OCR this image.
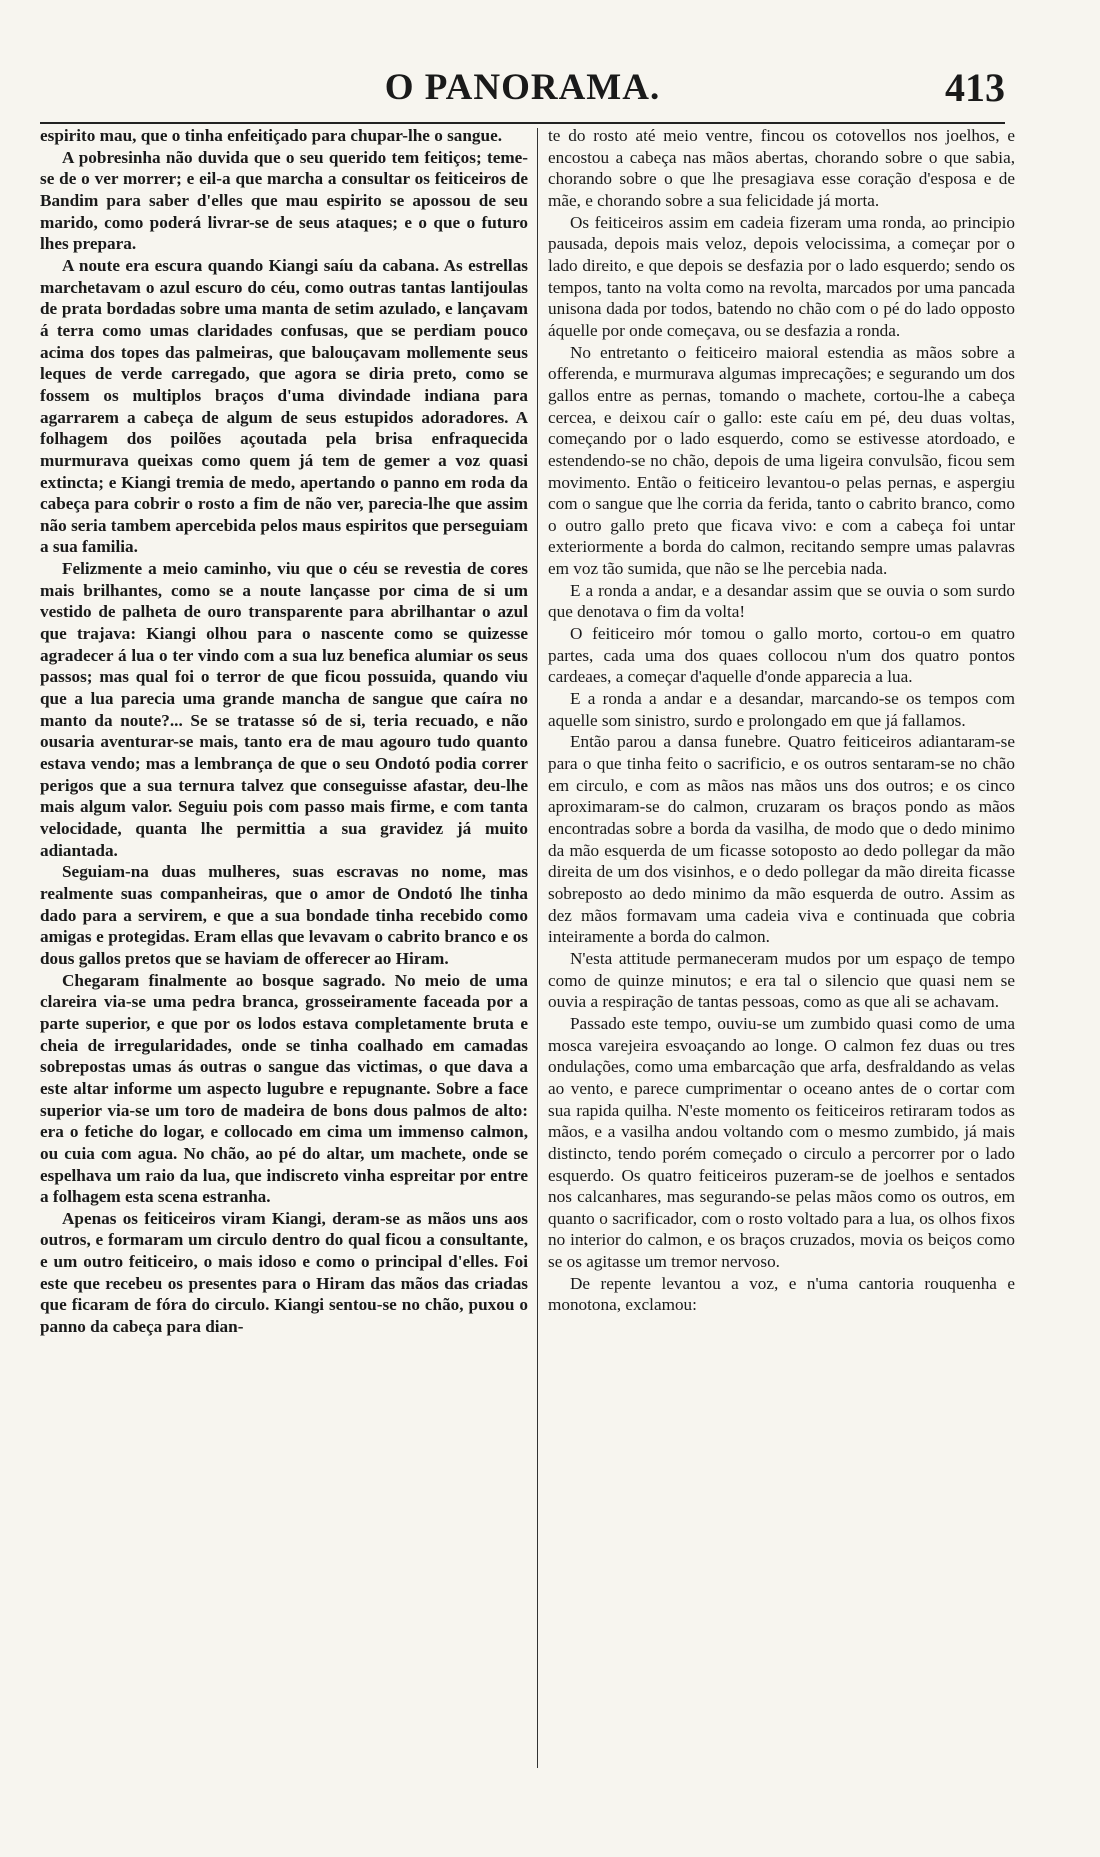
O PANORAMA.	413

espirito mau, que o tinha enfeitiçado para chupar-lhe o sangue.

A pobresinha não duvida que o seu querido tem feitiços; teme-se de o ver morrer; e eil-a que marcha a consultar os feiticeiros de Bandim para saber d'elles que mau espirito se apossou de seu marido, como poderá livrar-se de seus ataques; e o que o futuro lhes prepara.

A noute era escura quando Kiangi saíu da cabana. As estrellas marchetavam o azul escuro do céu, como outras tantas lantijoulas de prata bordadas sobre uma manta de setim azulado, e lançavam á terra como umas claridades confusas, que se perdiam pouco acima dos topes das palmeiras, que balouçavam mollemente seus leques de verde carregado, que agora se diria preto, como se fossem os multiplos braços d'uma divindade indiana para agarrarem a cabeça de algum de seus estupidos adoradores. A folhagem dos poilões açoutada pela brisa enfraquecida murmurava queixas como quem já tem de gemer a voz quasi extincta; e Kiangi tremia de medo, apertando o panno em roda da cabeça para cobrir o rosto a fim de não ver, parecia-lhe que assim não seria tambem apercebida pelos maus espiritos que perseguiam a sua familia.

Felizmente a meio caminho, viu que o céu se revestia de cores mais brilhantes, como se a noute lançasse por cima de si um vestido de palheta de ouro transparente para abrilhantar o azul que trajava: Kiangi olhou para o nascente como se quizesse agradecer á lua o ter vindo com a sua luz benefica alumiar os seus passos; mas qual foi o terror de que ficou possuida, quando viu que a lua parecia uma grande mancha de sangue que caíra no manto da noute?... Se se tratasse só de si, teria recuado, e não ousaria aventurar-se mais, tanto era de mau agouro tudo quanto estava vendo; mas a lembrança de que o seu Ondotó podia correr perigos que a sua ternura talvez que conseguisse afastar, deu-lhe mais algum valor. Seguiu pois com passo mais firme, e com tanta velocidade, quanta lhe permittia a sua gravidez já muito adiantada.

Seguiam-na duas mulheres, suas escravas no nome, mas realmente suas companheiras, que o amor de Ondotó lhe tinha dado para a servirem, e que a sua bondade tinha recebido como amigas e protegidas. Eram ellas que levavam o cabrito branco e os dous gallos pretos que se haviam de offerecer ao Hiram.

Chegaram finalmente ao bosque sagrado. No meio de uma clareira via-se uma pedra branca, grosseiramente faceada por a parte superior, e que por os lodos estava completamente bruta e cheia de irregularidades, onde se tinha coalhado em camadas sobrepostas umas ás outras o sangue das victimas, o que dava a este altar informe um aspecto lugubre e repugnante. Sobre a face superior via-se um toro de madeira de bons dous palmos de alto: era o fetiche do logar, e collocado em cima um immenso calmon, ou cuia com agua. No chão, ao pé do altar, um machete, onde se espelhava um raio da lua, que indiscreto vinha espreitar por entre a folhagem esta scena estranha.

Apenas os feiticeiros viram Kiangi, deram-se as mãos uns aos outros, e formaram um circulo dentro do qual ficou a consultante, e um outro feiticeiro, o mais idoso e como o principal d'elles. Foi este que recebeu os presentes para o Hiram das mãos das criadas que ficaram de fóra do circulo. Kiangi sentou-se no chão, puxou o panno da cabeça para dian-

te do rosto até meio ventre, fincou os cotovellos nos joelhos, e encostou a cabeça nas mãos abertas, chorando sobre o que sabia, chorando sobre o que lhe presagiava esse coração d'esposa e de mãe, e chorando sobre a sua felicidade já morta.

Os feiticeiros assim em cadeia fizeram uma ronda, ao principio pausada, depois mais veloz, depois velocissima, a começar por o lado direito, e que depois se desfazia por o lado esquerdo; sendo os tempos, tanto na volta como na revolta, marcados por uma pancada unisona dada por todos, batendo no chão com o pé do lado opposto áquelle por onde começava, ou se desfazia a ronda.

No entretanto o feiticeiro maioral estendia as mãos sobre a offerenda, e murmurava algumas imprecações; e segurando um dos gallos entre as pernas, tomando o machete, cortou-lhe a cabeça cercea, e deixou caír o gallo: este caíu em pé, deu duas voltas, começando por o lado esquerdo, como se estivesse atordoado, e estendendo-se no chão, depois de uma ligeira convulsão, ficou sem movimento. Então o feiticeiro levantou-o pelas pernas, e aspergiu com o sangue que lhe corria da ferida, tanto o cabrito branco, como o outro gallo preto que ficava vivo: e com a cabeça foi untar exteriormente a borda do calmon, recitando sempre umas palavras em voz tão sumida, que não se lhe percebia nada.

E a ronda a andar, e a desandar assim que se ouvia o som surdo que denotava o fim da volta!

O feiticeiro mór tomou o gallo morto, cortou-o em quatro partes, cada uma dos quaes collocou n'um dos quatro pontos cardeaes, a começar d'aquelle d'onde apparecia a lua.

E a ronda a andar e a desandar, marcando-se os tempos com aquelle som sinistro, surdo e prolongado em que já fallamos.

Então parou a dansa funebre. Quatro feiticeiros adiantaram-se para o que tinha feito o sacrificio, e os outros sentaram-se no chão em circulo, e com as mãos nas mãos uns dos outros; e os cinco aproximaram-se do calmon, cruzaram os braços pondo as mãos encontradas sobre a borda da vasilha, de modo que o dedo minimo da mão esquerda de um ficasse sotoposto ao dedo pollegar da mão direita de um dos visinhos, e o dedo pollegar da mão direita ficasse sobreposto ao dedo minimo da mão esquerda de outro. Assim as dez mãos formavam uma cadeia viva e continuada que cobria inteiramente a borda do calmon.

N'esta attitude permaneceram mudos por um espaço de tempo como de quinze minutos; e era tal o silencio que quasi nem se ouvia a respiração de tantas pessoas, como as que ali se achavam.

Passado este tempo, ouviu-se um zumbido quasi como de uma mosca varejeira esvoaçando ao longe. O calmon fez duas ou tres ondulações, como uma embarcação que arfa, desfraldando as velas ao vento, e parece cumprimentar o oceano antes de o cortar com sua rapida quilha. N'este momento os feiticeiros retiraram todos as mãos, e a vasilha andou voltando com o mesmo zumbido, já mais distincto, tendo porém começado o circulo a percorrer por o lado esquerdo. Os quatro feiticeiros puzeram-se de joelhos e sentados nos calcanhares, mas segurando-se pelas mãos como os outros, em quanto o sacrificador, com o rosto voltado para a lua, os olhos fixos no interior do calmon, e os braços cruzados, movia os beiços como se os agitasse um tremor nervoso.

De repente levantou a voz, e n'uma cantoria rouquenha e monotona, exclamou:
